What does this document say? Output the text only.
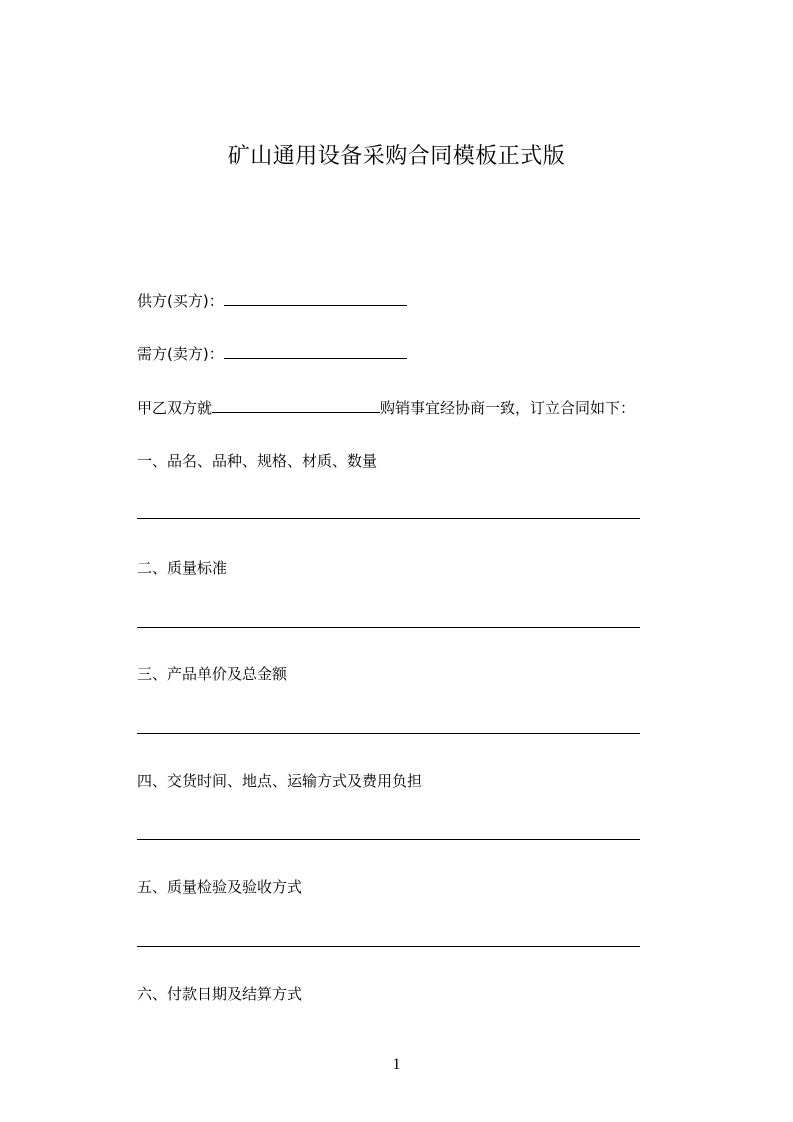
矿山通用设备采购合同模板正式版
供方(买方)：
需方(卖方)：
甲乙双方就	购销事宜经协商一致，订立合同如下：
一、品名、品种、规格、材质、数量
二、质量标准
三、产品单价及总金额
四、交货时间、地点、运输方式及费用负担
五、质量检验及验收方式
六、付款日期及结算方式
1
